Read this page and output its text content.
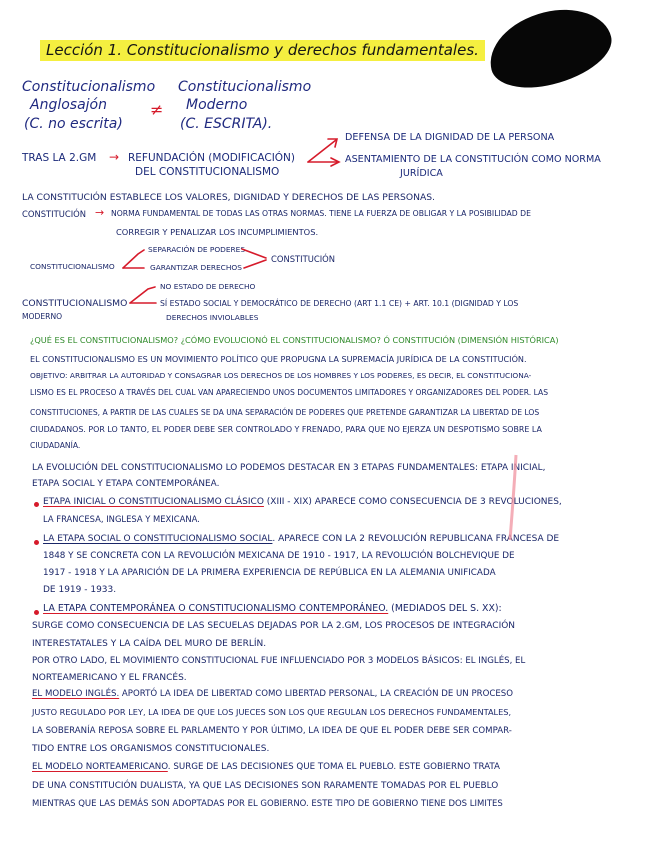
Lección 1. Constitucionalismo y derechos fundamentales.
Constitucionalismo
Anglosajón
(C. no escrita)
≠
Constitucionalismo
Moderno
(C. ESCRITA).
TRAS LA 2.GM → REFUNDACIÓN (MODIFICACIÓN)
DEL CONSTITUCIONALISMO
DEFENSA DE LA DIGNIDAD DE LA PERSONA
ASENTAMIENTO DE LA CONSTITUCIÓN COMO NORMA
JURÍDICA
LA CONSTITUCIÓN ESTABLECE LOS VALORES, DIGNIDAD Y DERECHOS DE LAS PERSONAS.
CONSTITUCIÓN → NORMA FUNDAMENTAL DE TODAS LAS OTRAS NORMAS. TIENE LA FUERZA DE OBLIGAR Y LA POSIBILIDAD DE
CORREGIR Y PENALIZAR LOS INCUMPLIMIENTOS.
CONSTITUCIONALISMO
SEPARACIÓN DE PODERES
GARANTIZAR DERECHOS
CONSTITUCIÓN
CONSTITUCIONALISMO
MODERNO
NO ESTADO DE DERECHO
SÍ ESTADO SOCIAL Y DEMOCRÁTICO DE DERECHO (ART 1.1 CE) + ART. 10.1 (DIGNIDAD Y LOS
DERECHOS INVIOLABLES
¿QUÉ ES EL CONSTITUCIONALISMO? ¿CÓMO EVOLUCIONÓ EL CONSTITUCIONALISMO? Ó CONSTITUCIÓN (DIMENSIÓN HISTÓRICA)
EL CONSTITUCIONALISMO ES UN MOVIMIENTO POLÍTICO QUE PROPUGNA LA SUPREMACÍA JURÍDICA DE LA CONSTITUCIÓN.
OBJETIVO: ARBITRAR LA AUTORIDAD Y CONSAGRAR LOS DERECHOS DE LOS HOMBRES Y LOS PODERES, ES DECIR, EL CONSTITUCIONA-
LISMO ES EL PROCESO A TRAVÉS DEL CUAL VAN APARECIENDO UNOS DOCUMENTOS LIMITADORES Y ORGANIZADORES DEL PODER. LAS
CONSTITUCIONES, A PARTIR DE LAS CUALES SE DA UNA SEPARACIÓN DE PODERES QUE PRETENDE GARANTIZAR LA LIBERTAD DE LOS
CIUDADANOS. POR LO TANTO, EL PODER DEBE SER CONTROLADO Y FRENADO, PARA QUE NO EJERZA UN DESPOTISMO SOBRE LA
CIUDADANÍA.
LA EVOLUCIÓN DEL CONSTITUCIONALISMO LO PODEMOS DESTACAR EN 3 ETAPAS FUNDAMENTALES: ETAPA INICIAL,
ETAPA SOCIAL Y ETAPA CONTEMPORÁNEA.
ETAPA INICIAL O CONSTITUCIONALISMO CLÁSICO (XIII - XIX) APARECE COMO CONSECUENCIA DE 3 REVOLUCIONES,
LA FRANCESA, INGLESA Y MEXICANA.
LA ETAPA SOCIAL O CONSTITUCIONALISMO SOCIAL. APARECE CON LA 2 REVOLUCIÓN REPUBLICANA FRANCESA DE
1848 Y SE CONCRETA CON LA REVOLUCIÓN MEXICANA DE 1910 - 1917, LA REVOLUCIÓN BOLCHEVIQUE DE
1917 - 1918 Y LA APARICIÓN DE LA PRIMERA EXPERIENCIA DE REPÚBLICA EN LA ALEMANIA UNIFICADA
DE 1919 - 1933.
LA ETAPA CONTEMPORÁNEA O CONSTITUCIONALISMO CONTEMPORÁNEO. (MEDIADOS DEL S. XX):
SURGE COMO CONSECUENCIA DE LAS SECUELAS DEJADAS POR LA 2.GM, LOS PROCESOS DE INTEGRACIÓN
INTERESTATALES Y LA CAÍDA DEL MURO DE BERLÍN.
POR OTRO LADO, EL MOVIMIENTO CONSTITUCIONAL FUE INFLUENCIADO POR 3 MODELOS BÁSICOS: EL INGLÉS, EL
NORTEAMERICANO Y EL FRANCÉS.
EL MODELO INGLÉS. APORTÓ LA IDEA DE LIBERTAD COMO LIBERTAD PERSONAL, LA CREACIÓN DE UN PROCESO
JUSTO REGULADO POR LEY, LA IDEA DE QUE LOS JUECES SON LOS QUE REGULAN LOS DERECHOS FUNDAMENTALES,
LA SOBERANÍA REPOSA SOBRE EL PARLAMENTO Y POR ÚLTIMO, LA IDEA DE QUE EL PODER DEBE SER COMPAR-
TIDO ENTRE LOS ORGANISMOS CONSTITUCIONALES.
EL MODELO NORTEAMERICANO. SURGE DE LAS DECISIONES QUE TOMA EL PUEBLO. ESTE GOBIERNO TRATA
DE UNA CONSTITUCIÓN DUALISTA, YA QUE LAS DECISIONES SON RARAMENTE TOMADAS POR EL PUEBLO
MIENTRAS QUE LAS DEMÁS SON ADOPTADAS POR EL GOBIERNO. ESTE TIPO DE GOBIERNO TIENE DOS LIMITES
